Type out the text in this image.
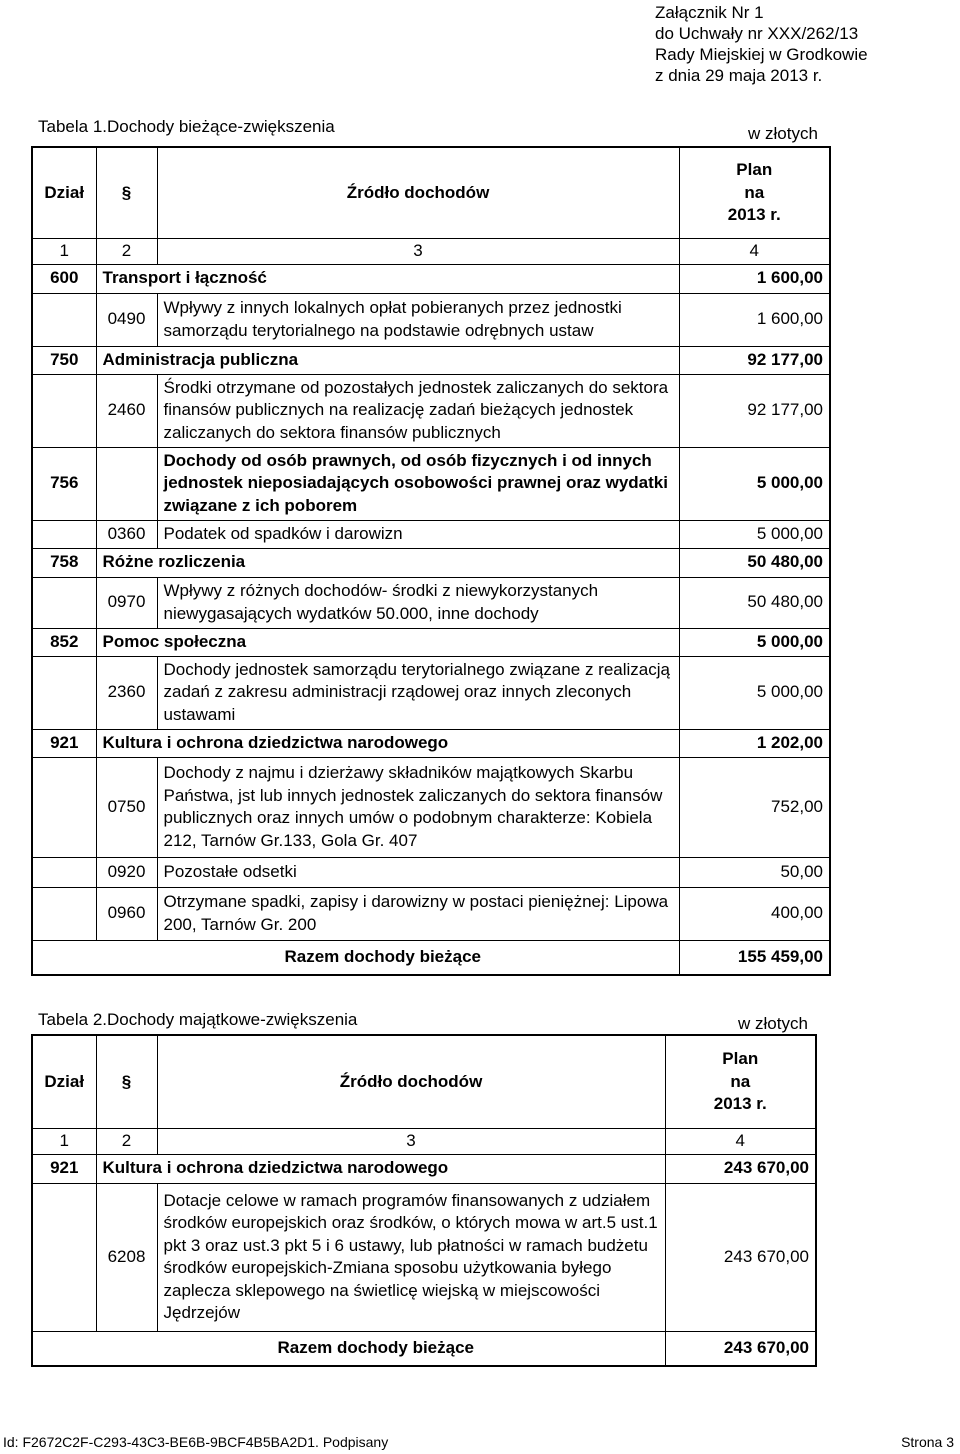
Załącznik Nr 1
do Uchwały nr XXX/262/13
Rady Miejskiej w Grodkowie
z dnia 29 maja 2013 r.
Tabela 1.Dochody bieżące-zwiększenia	w złotych
Dział	§	Źródło dochodów	Plan
na
2013 r.

1	2	3	4
600	Transport i łączność		1 600,00
	0490	Wpływy z innych lokalnych opłat pobieranych przez jednostki samorządu terytorialnego na podstawie odrębnych ustaw	1 600,00
750	Administracja publiczna		92 177,00
	2460	Środki otrzymane od pozostałych jednostek zaliczanych do sektora finansów publicznych na realizację zadań bieżących jednostek zaliczanych do sektora finansów publicznych	92 177,00
756		Dochody od osób prawnych, od osób fizycznych i od innych jednostek nieposiadających osobowości prawnej oraz wydatki związane z ich poborem	5 000,00
	0360	Podatek od spadków i darowizn	5 000,00
758	Różne rozliczenia		50 480,00
	0970	Wpływy z różnych dochodów- środki z niewykorzystanych niewygasających wydatków 50.000, inne dochody	50 480,00
852	Pomoc społeczna		5 000,00
	2360	Dochody jednostek samorządu terytorialnego związane z realizacją zadań z zakresu administracji rządowej oraz innych zleconych ustawami	5 000,00
921	Kultura i ochrona dziedzictwa narodowego		1 202,00
	0750	Dochody z najmu i dzierżawy składników majątkowych Skarbu Państwa, jst lub innych jednostek zaliczanych do sektora finansów publicznych oraz innych umów o podobnym charakterze: Kobiela 212, Tarnów Gr.133, Gola Gr. 407	752,00
	0920	Pozostałe odsetki	50,00
	0960	Otrzymane spadki, zapisy i darowizny w postaci pieniężnej: Lipowa 200, Tarnów Gr. 200	400,00
Razem dochody bieżące			155 459,00
Tabela 2.Dochody majątkowe-zwiększenia	w złotych
Dział	§	Źródło dochodów	Plan
na
2013 r.

1	2	3	4
921	Kultura i ochrona dziedzictwa narodowego		243 670,00
	6208	Dotacje celowe w ramach programów finansowanych z udziałem środków europejskich oraz środków, o których mowa w art.5 ust.1 pkt 3 oraz ust.3 pkt 5 i 6 ustawy, lub płatności w ramach budżetu środków europejskich-Zmiana sposobu użytkowania byłego zaplecza sklepowego na świetlicę wiejską w miejscowości Jędrzejów	243 670,00
Razem dochody bieżące			243 670,00
Id: F2672C2F-C293-43C3-BE6B-9BCF4B5BA2D1. Podpisany	Strona 3
